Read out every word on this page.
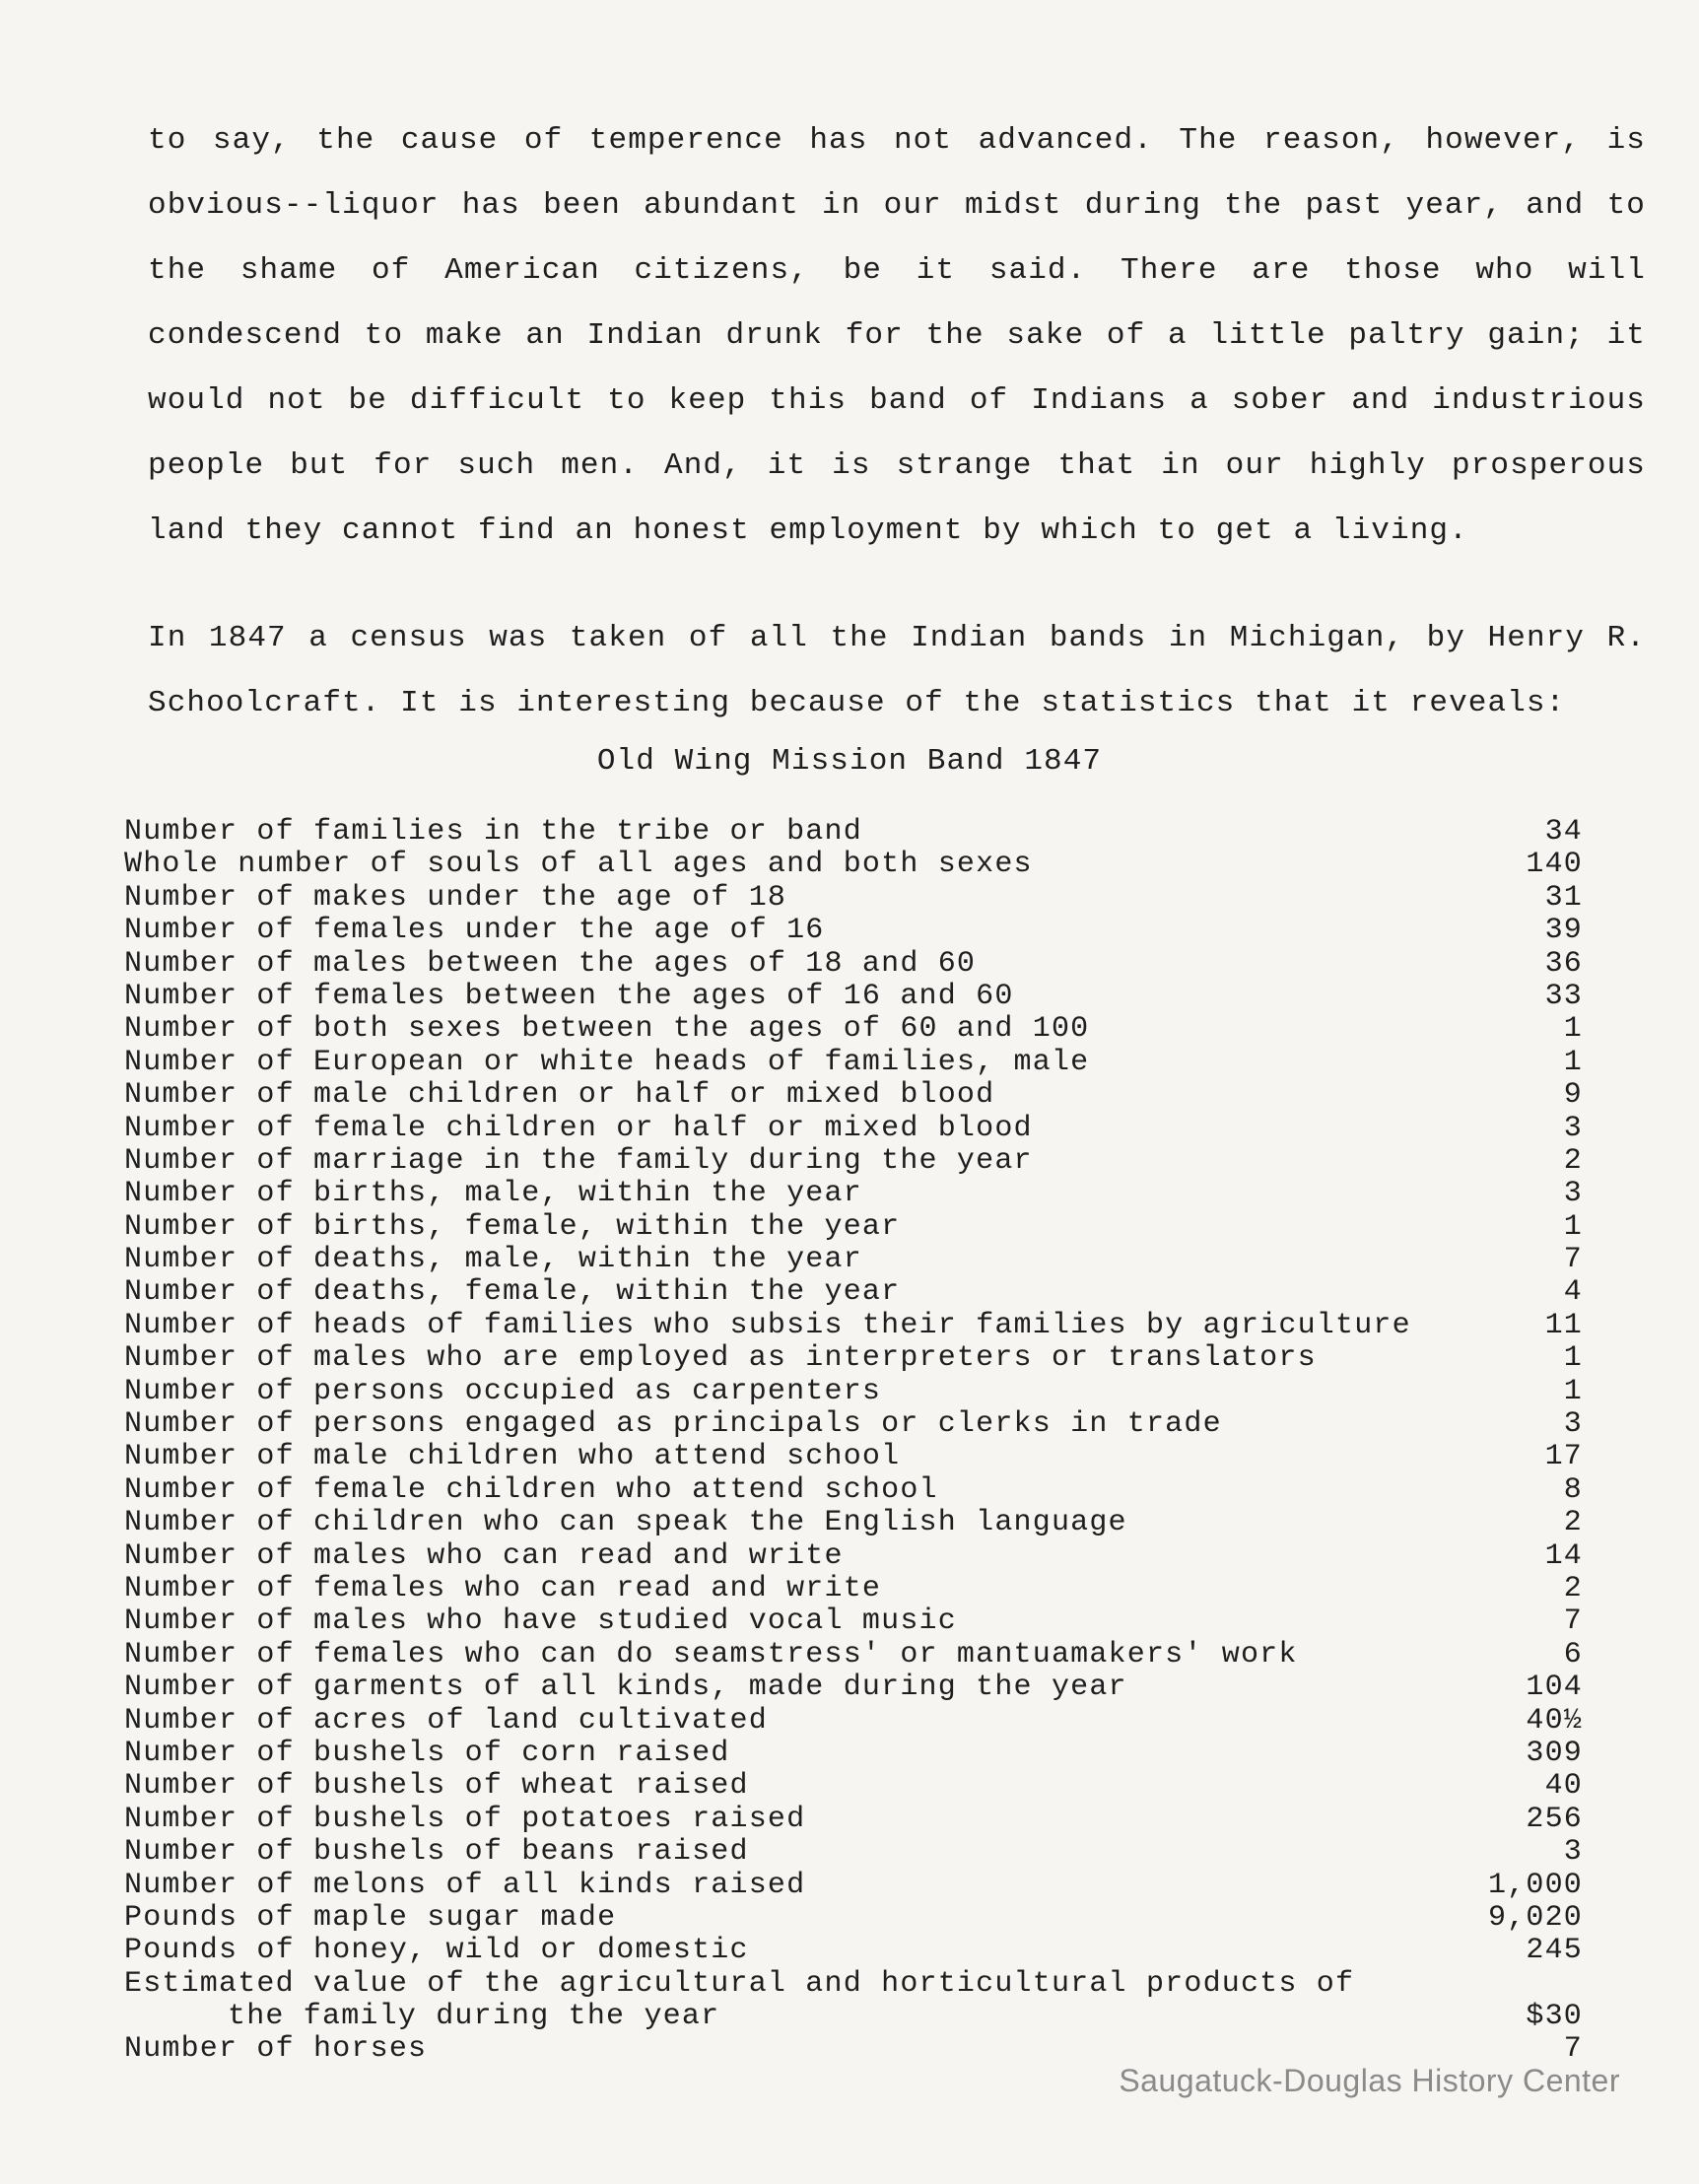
to say, the cause of temperence has not advanced. The reason, however, is obvious--liquor has been abundant in our midst during the past year, and to the shame of American citizens, be it said. There are those who will condescend to make an Indian drunk for the sake of a little paltry gain; it would not be difficult to keep this band of Indians a sober and industrious people but for such men. And, it is strange that in our highly prosperous land they cannot find an honest employment by which to get a living.

In 1847 a census was taken of all the Indian bands in Michigan, by Henry R. Schoolcraft. It is interesting because of the statistics that it reveals:

Old Wing Mission Band 1847
Number of families in the tribe or band	34
Whole number of souls of all ages and both sexes	140
Number of makes under the age of 18	31
Number of females under the age of 16	39
Number of males between the ages of 18 and 60	36
Number of females between the ages of 16 and 60	33
Number of both sexes between the ages of 60 and 100	1
Number of European or white heads of families, male	1
Number of male children or half or mixed blood	9
Number of female children or half or mixed blood	3
Number of marriage in the family during the year	2
Number of births, male, within the year	3
Number of births, female, within the year	1
Number of deaths, male, within the year	7
Number of deaths, female, within the year	4
Number of heads of families who subsis their families by agriculture	11
Number of males who are employed as interpreters or translators	1
Number of persons occupied as carpenters	1
Number of persons engaged as principals or clerks in trade	3
Number of male children who attend school	17
Number of female children who attend school	8
Number of children who can speak the English language	2
Number of males who can read and write	14
Number of females who can read and write	2
Number of males who have studied vocal music	7
Number of females who can do seamstress' or mantuamakers' work	6
Number of garments of all kinds, made during the year	104
Number of acres of land cultivated	40½
Number of bushels of corn raised	309
Number of bushels of wheat raised	40
Number of bushels of potatoes raised	256
Number of bushels of beans raised	3
Number of melons of all kinds raised	1,000
Pounds of maple sugar made	9,020
Pounds of honey, wild or domestic	245
Estimated value of the agricultural and horticultural products of
the family during the year	$30
Number of horses	7
Saugatuck-Douglas History Center
